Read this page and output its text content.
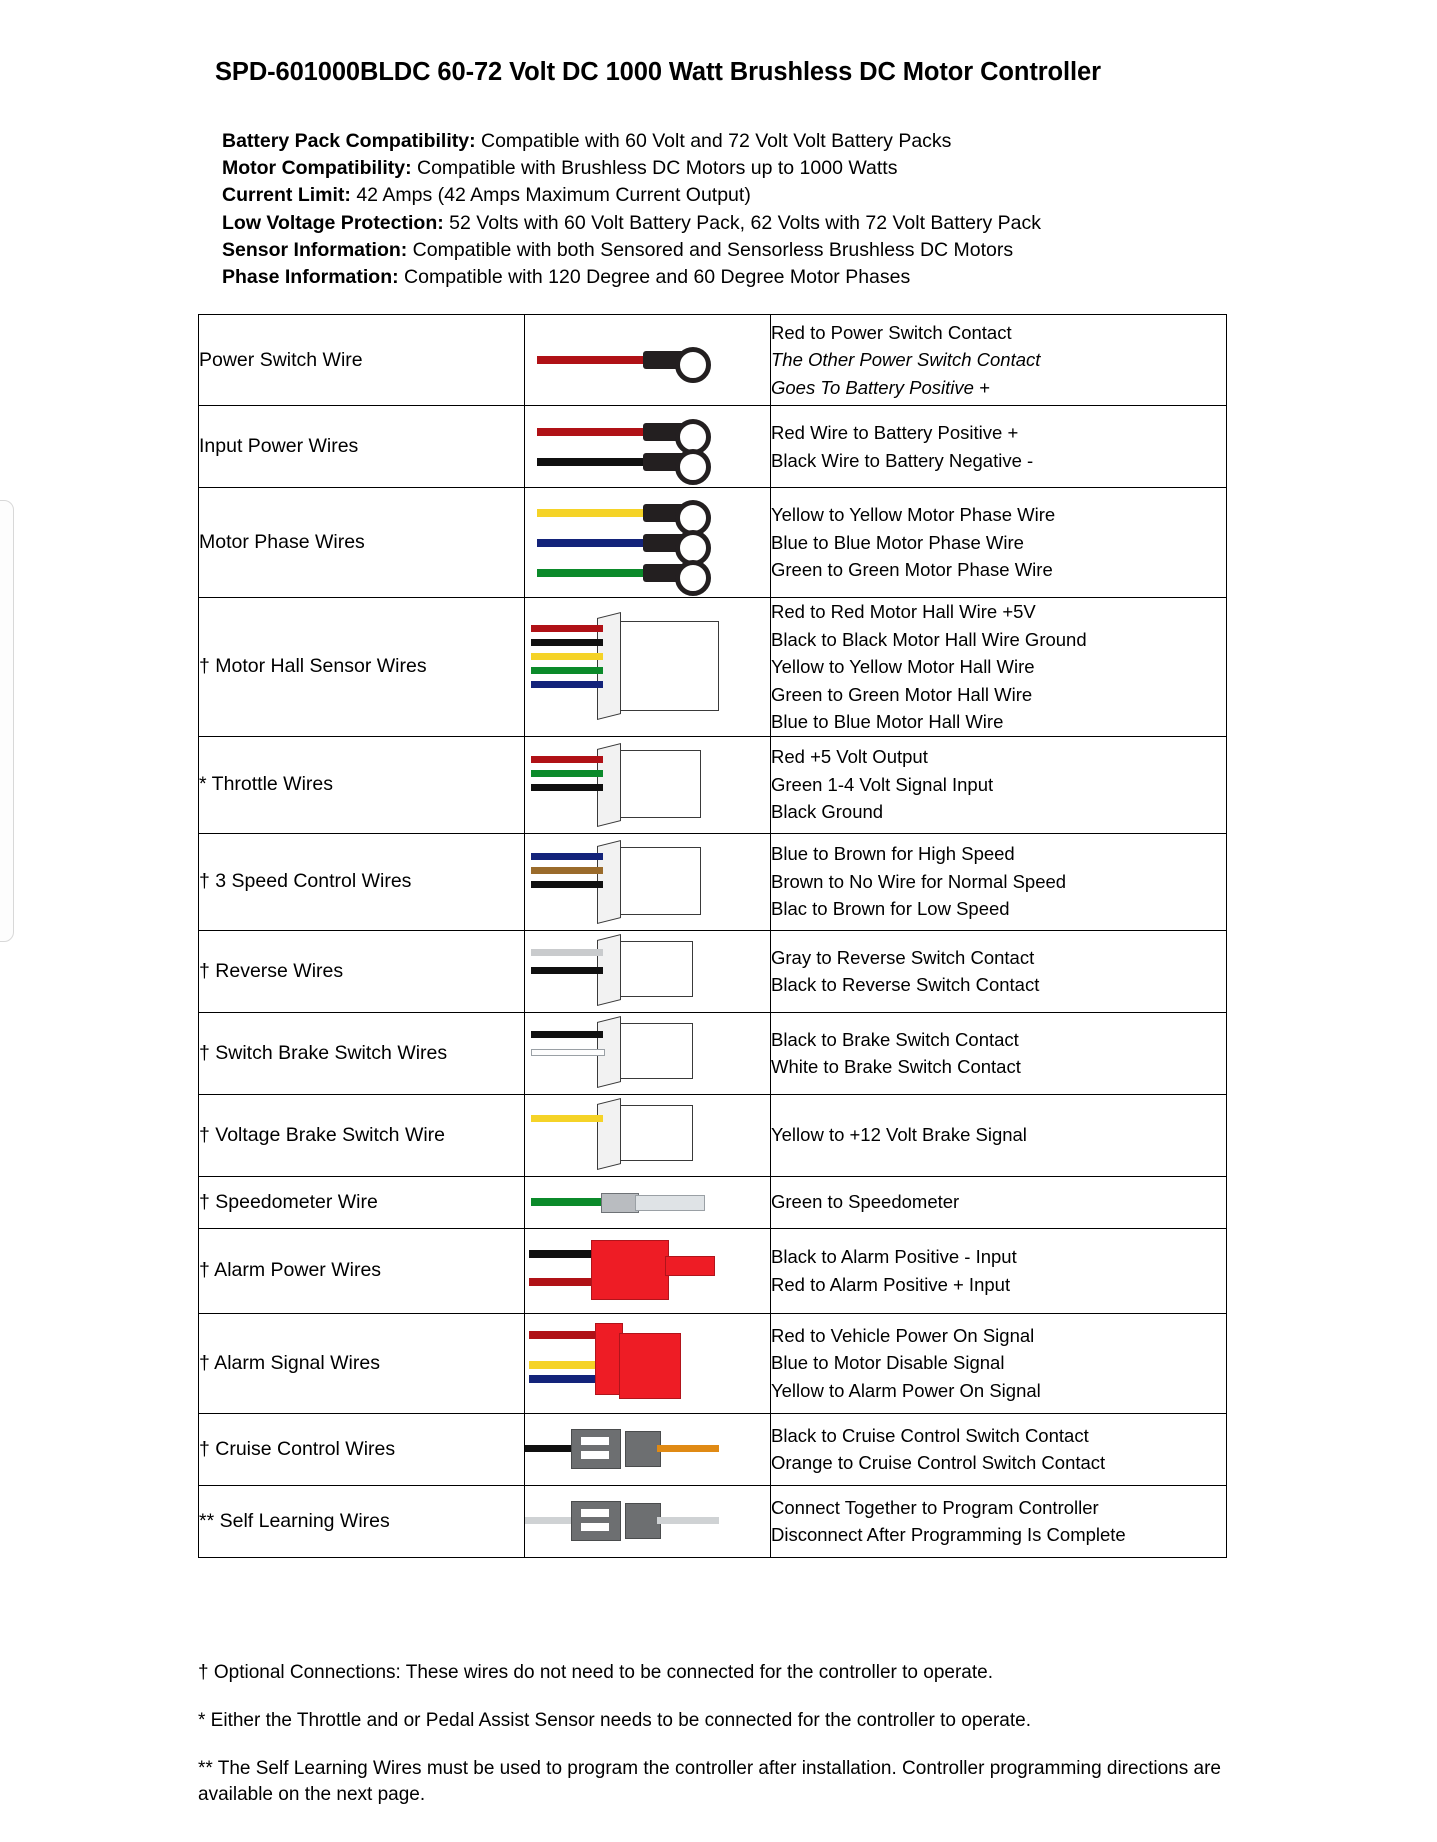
SPD-601000BLDC 60-72 Volt DC 1000 Watt Brushless DC Motor Controller
Battery Pack Compatibility: Compatible with 60 Volt and 72 Volt Volt Battery Packs
Motor Compatibility: Compatible with Brushless DC Motors up to 1000 Watts
Current Limit: 42 Amps (42 Amps Maximum Current Output)
Low Voltage Protection: 52 Volts with 60 Volt Battery Pack, 62 Volts with 72 Volt Battery Pack
Sensor Information: Compatible with both Sensored and Sensorless Brushless DC Motors
Phase Information: Compatible with 120 Degree and 60 Degree Motor Phases
Power Switch Wire		Red to Power Switch Contact
The Other Power Switch Contact
Goes To Battery Positive +

Input Power Wires		Red Wire to Battery Positive +
Black Wire to Battery Negative -

Motor Phase Wires		Yellow to Yellow Motor Phase Wire
Blue to Blue Motor Phase Wire
Green to Green Motor Phase Wire

† Motor Hall Sensor Wires		Red to Red Motor Hall Wire +5V
Black to Black Motor Hall Wire Ground
Yellow to Yellow Motor Hall Wire
Green to Green Motor Hall Wire
Blue to Blue Motor Hall Wire

* Throttle Wires		Red +5 Volt Output
Green 1-4 Volt Signal Input
Black Ground

† 3 Speed Control Wires		Blue to Brown for High Speed
Brown to No Wire for Normal Speed
Blac to Brown for Low Speed

† Reverse Wires		Gray to Reverse Switch Contact
Black to Reverse Switch Contact

† Switch Brake Switch Wires		Black to Brake Switch Contact
White to Brake Switch Contact

† Voltage Brake Switch Wire		Yellow to +12 Volt Brake Signal

† Speedometer Wire		Green to Speedometer

† Alarm Power Wires		Black to Alarm Positive - Input
Red to Alarm Positive + Input

† Alarm Signal Wires		Red to Vehicle Power On Signal
Blue to Motor Disable Signal
Yellow to Alarm Power On Signal

† Cruise Control Wires		Black to Cruise Control Switch Contact
Orange to Cruise Control Switch Contact

** Self Learning Wires		Connect Together to Program Controller
Disconnect After Programming Is Complete

† Optional Connections: These wires do not need to be connected for the controller to operate.

* Either the Throttle and or Pedal Assist Sensor needs to be connected for the controller to operate.

** The Self Learning Wires must be used to program the controller after installation. Controller programming directions are available on the next page.
